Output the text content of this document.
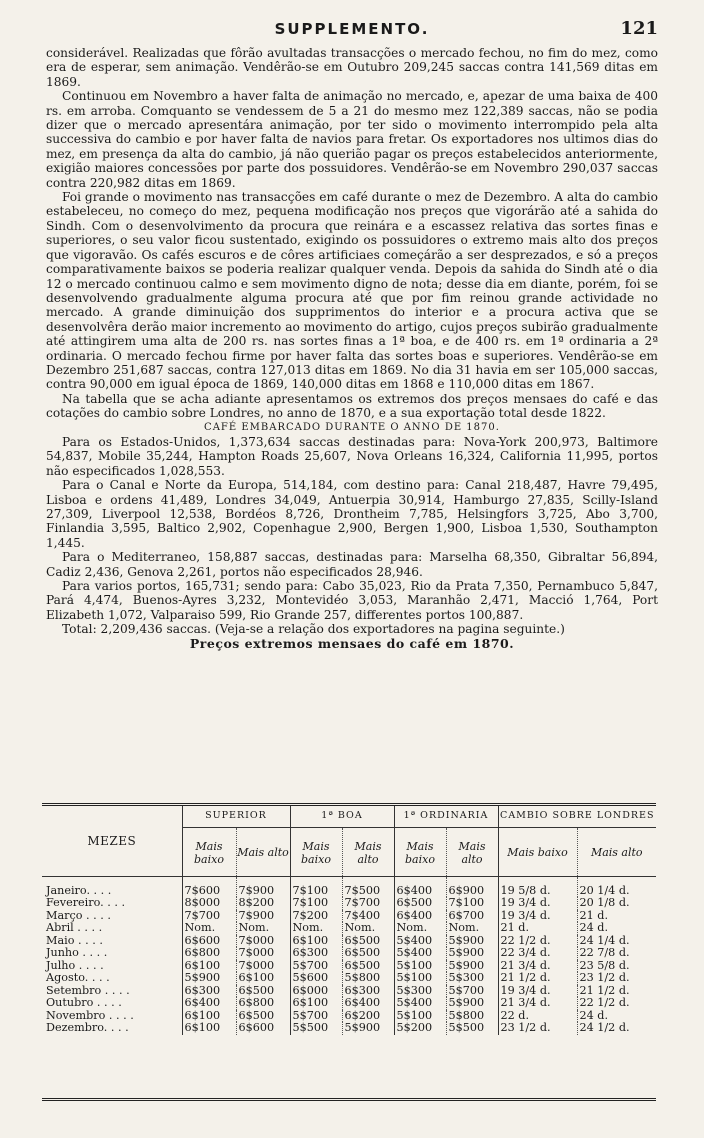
SUPPLEMENTO.	121

considerável. Realizadas que fôrão avultadas transacções o mercado fechou, no fim do mez, como era de esperar, sem animação. Vendêrão-se em Outubro 209,245 saccas contra 141,569 ditas em 1869.

Continuou em Novembro a haver falta de animação no mercado, e, apezar de uma baixa de 400 rs. em arroba. Comquanto se vendessem de 5 a 21 do mesmo mez 122,389 saccas, não se podia dizer que o mercado apresentára animação, por ter sido o movimento interrompido pela alta successiva do cambio e por haver falta de navios para fretar. Os exportadores nos ultimos dias do mez, em presença da alta do cambio, já não querião pagar os preços estabelecidos anteriormente, exigião maiores concessões por parte dos possuidores. Vendêrão-se em Novembro 290,037 saccas contra 220,982 ditas em 1869.

Foi grande o movimento nas transacções em café durante o mez de Dezembro. A alta do cambio estabeleceu, no começo do mez, pequena modificação nos preços que vigorárão até a sahida do Sindh. Com o desenvolvimento da procura que reinára e a escassez relativa das sortes finas e superiores, o seu valor ficou sustentado, exigindo os possuidores o extremo mais alto dos preços que vigoravão. Os cafés escuros e de côres artificiaes começárão a ser desprezados, e só a preços comparativamente baixos se poderia realizar qualquer venda. Depois da sahida do Sindh até o dia 12 o mercado continuou calmo e sem movimento digno de nota; desse dia em diante, porém, foi se desenvolvendo gradualmente alguma procura até que por fim reinou grande actividade no mercado. A grande diminuição dos supprimentos do interior e a procura activa que se desenvolvêra derão maior incremento ao movimento do artigo, cujos preços subirão gradualmente até attingirem uma alta de 200 rs. nas sortes finas a 1ª boa, e de 400 rs. em 1ª ordinaria a 2ª ordinaria. O mercado fechou firme por haver falta das sortes boas e superiores. Vendêrão-se em Dezembro 251,687 saccas, contra 127,013 ditas em 1869. No dia 31 havia em ser 105,000 saccas, contra 90,000 em igual época de 1869, 140,000 ditas em 1868 e 110,000 ditas em 1867.

Na tabella que se acha adiante apresentamos os extremos dos preços mensaes do café e das cotações do cambio sobre Londres, no anno de 1870, e a sua exportação total desde 1822.

CAFÉ EMBARCADO DURANTE O ANNO DE 1870.

Para os Estados-Unidos, 1,373,634 saccas destinadas para: Nova-York 200,973, Baltimore 54,837, Mobile 35,244, Hampton Roads 25,607, Nova Orleans 16,324, California 11,995, portos não especificados 1,028,553.

Para o Canal e Norte da Europa, 514,184, com destino para: Canal 218,487, Havre 79,495, Lisboa e ordens 41,489, Londres 34,049, Antuerpia 30,914, Hamburgo 27,835, Scilly-Island 27,309, Liverpool 12,538, Bordéos 8,726, Drontheim 7,785, Helsingfors 3,725, Abo 3,700, Finlandia 3,595, Baltico 2,902, Copenhague 2,900, Bergen 1,900, Lisboa 1,530, Southampton 1,445.

Para o Mediterraneo, 158,887 saccas, destinadas para: Marselha 68,350, Gibraltar 56,894, Cadiz 2,436, Genova 2,261, portos não especificados 28,946.

Para varios portos, 165,731; sendo para: Cabo 35,023, Rio da Prata 7,350, Pernambuco 5,847, Pará 4,474, Buenos-Ayres 3,232, Montevidéo 3,053, Maranhão 2,471, Macció 1,764, Port Elizabeth 1,072, Valparaiso 599, Rio Grande 257, differentes portos 100,887.

Total: 2,209,436 saccas. (Veja-se a relação dos exportadores na pagina seguinte.)

Preços extremos mensaes do café em 1870.

MEZES	SUPERIOR		1ª BOA		1ª ORDINARIA		CAMBIO SOBRE LONDRES	
	Mais baixo	Mais alto	Mais baixo	Mais alto	Mais baixo	Mais alto	Mais baixo	Mais alto
Janeiro. . . .	7$600	7$900	7$100	7$500	6$400	6$900	19 5/8 d.	20 1/4 d.
Fevereiro. . . .	8$000	8$200	7$100	7$700	6$500	7$100	19 3/4 d.	20 1/8 d.
Março . . . .	7$700	7$900	7$200	7$400	6$400	6$700	19 3/4 d.	21 d.
Abril . . . .	Nom.	Nom.	Nom.	Nom.	Nom.	Nom.	21 d.	24 d.
Maio . . . .	6$600	7$000	6$100	6$500	5$400	5$900	22 1/2 d.	24 1/4 d.
Junho . . . .	6$800	7$000	6$300	6$500	5$400	5$900	22 3/4 d.	22 7/8 d.
Julho . . . .	6$100	7$000	5$700	6$500	5$100	5$900	21 3/4 d.	23 5/8 d.
Agosto. . . .	5$900	6$100	5$600	5$800	5$100	5$300	21 1/2 d.	23 1/2 d.
Setembro . . . .	6$300	6$500	6$000	6$300	5$300	5$700	19 3/4 d.	21 1/2 d.
Outubro . . . .	6$400	6$800	6$100	6$400	5$400	5$900	21 3/4 d.	22 1/2 d.
Novembro . . . .	6$100	6$500	5$700	6$200	5$100	5$800	22 d.	24 d.
Dezembro. . . .	6$100	6$600	5$500	5$900	5$200	5$500	23 1/2 d.	24 1/2 d.
